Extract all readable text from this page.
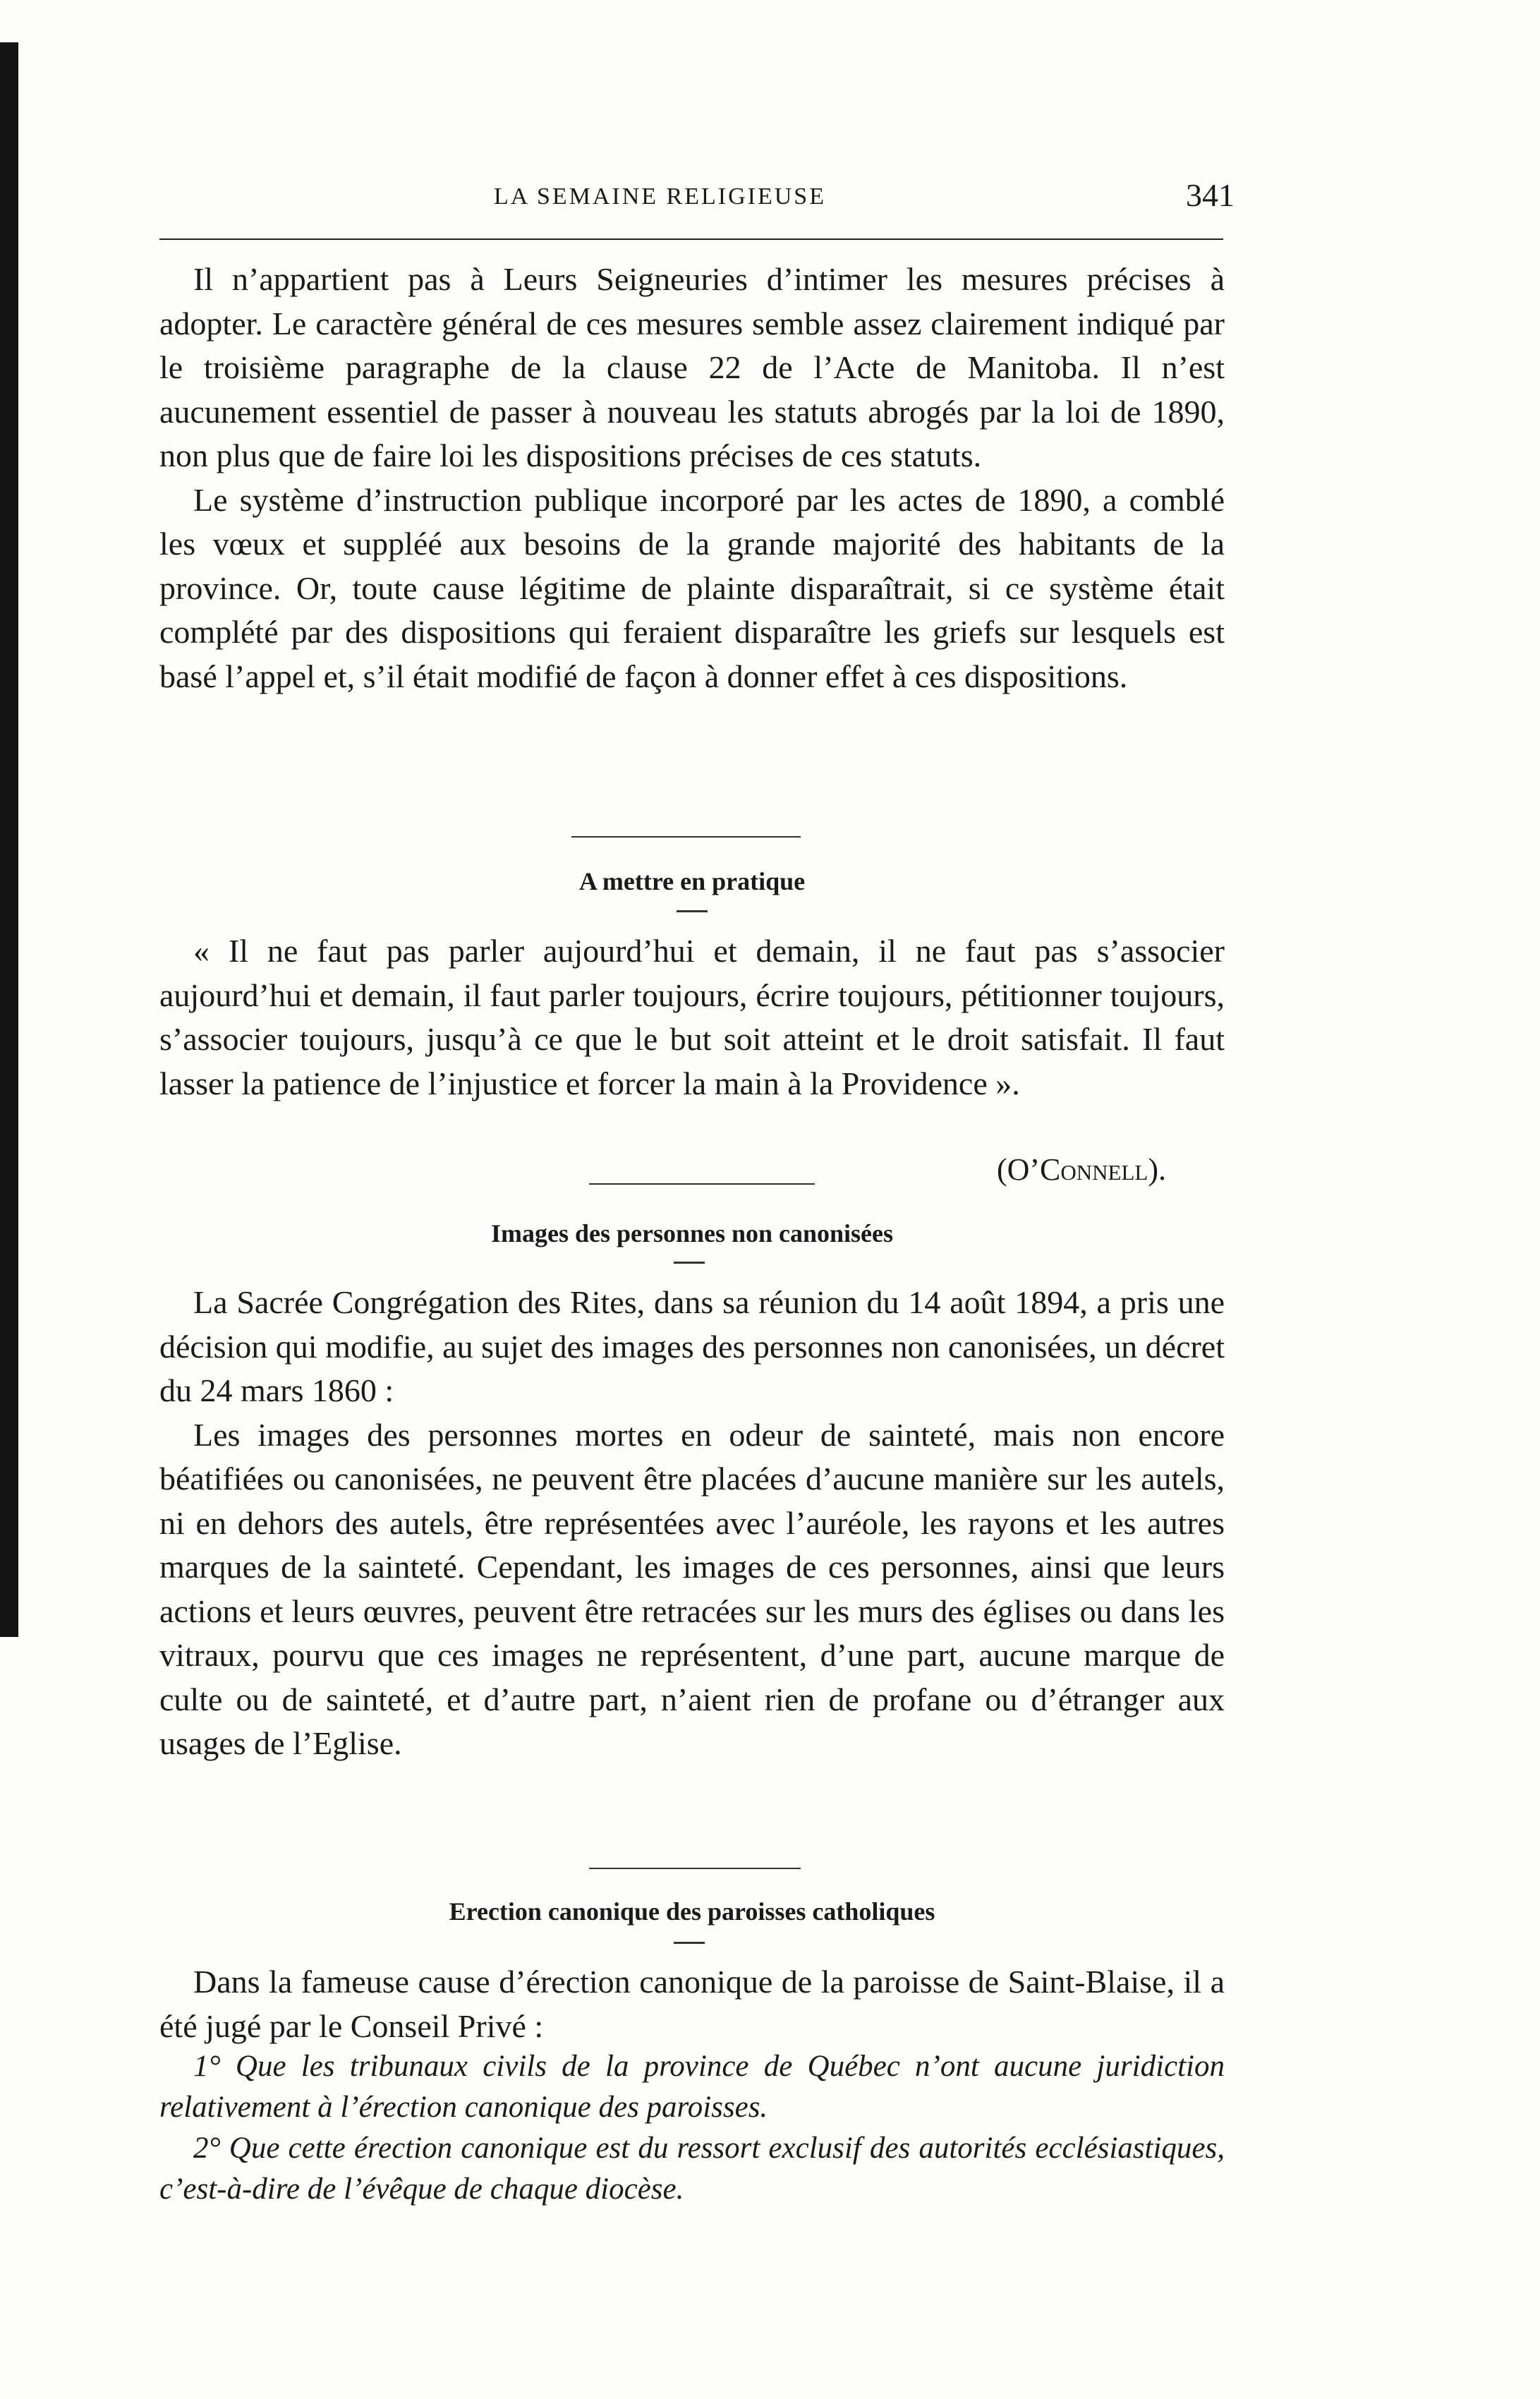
LA SEMAINE RELIGIEUSE	341

Il n’appartient pas à Leurs Seigneuries d’intimer les mesures précises à adopter. Le caractère général de ces mesures semble assez clairement indiqué par le troisième paragraphe de la clause 22 de l’Acte de Manitoba. Il n’est aucunement essentiel de passer à nouveau les statuts abrogés par la loi de 1890, non plus que de faire loi les dispositions précises de ces statuts.

Le système d’instruction publique incorporé par les actes de 1890, a comblé les vœux et suppléé aux besoins de la grande majorité des habitants de la province. Or, toute cause légitime de plainte disparaîtrait, si ce système était complété par des dispositions qui feraient disparaître les griefs sur lesquels est basé l’appel et, s’il était modifié de façon à donner effet à ces dispositions.

A mettre en pratique

« Il ne faut pas parler aujourd’hui et demain, il ne faut pas s’associer aujourd’hui et demain, il faut parler toujours, écrire toujours, pétitionner toujours, s’associer toujours, jusqu’à ce que le but soit atteint et le droit satisfait. Il faut lasser la patience de l’injustice et forcer la main à la Providence ».

(O’Connell).
Images des personnes non canonisées

La Sacrée Congrégation des Rites, dans sa réunion du 14 août 1894, a pris une décision qui modifie, au sujet des images des personnes non canonisées, un décret du 24 mars 1860 :

Les images des personnes mortes en odeur de sainteté, mais non encore béatifiées ou canonisées, ne peuvent être placées d’aucune manière sur les autels, ni en dehors des autels, être représentées avec l’auréole, les rayons et les autres marques de la sainteté. Cependant, les images de ces personnes, ainsi que leurs actions et leurs œuvres, peuvent être retracées sur les murs des églises ou dans les vitraux, pourvu que ces images ne représentent, d’une part, aucune marque de culte ou de sainteté, et d’autre part, n’aient rien de profane ou d’étranger aux usages de l’Eglise.

Erection canonique des paroisses catholiques

Dans la fameuse cause d’érection canonique de la paroisse de Saint-Blaise, il a été jugé par le Conseil Privé :

1° Que les tribunaux civils de la province de Québec n’ont aucune juridiction relativement à l’érection canonique des paroisses.

2° Que cette érection canonique est du ressort exclusif des autorités ecclésiastiques, c’est-à-dire de l’évêque de chaque diocèse.
